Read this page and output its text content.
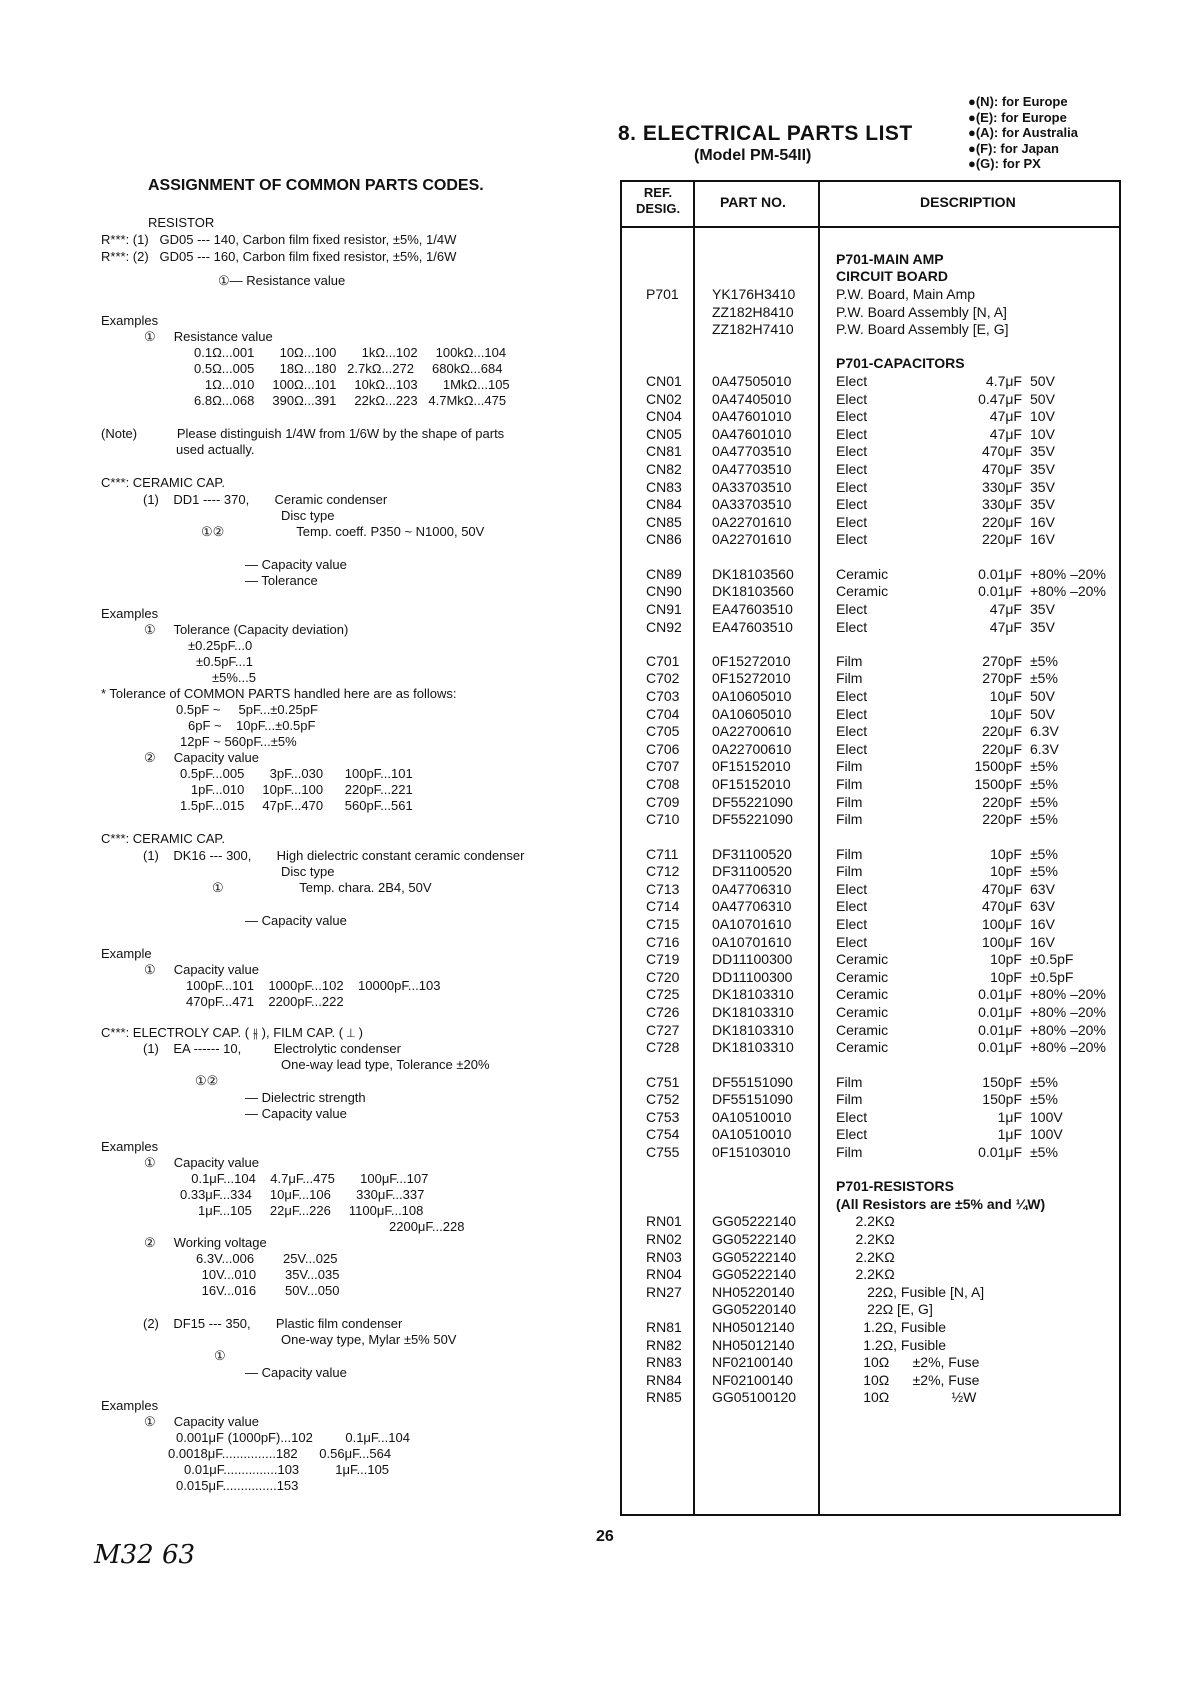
ASSIGNMENT OF COMMON PARTS CODES.
RESISTOR
R***: (1)   GD05 --- 140, Carbon film fixed resistor, ±5%, 1/4W
R***: (2)   GD05 --- 160, Carbon film fixed resistor, ±5%, 1/6W
①— Resistance value
Examples
①     Resistance value
0.1Ω...001       10Ω...100       1kΩ...102     100kΩ...104
0.5Ω...005       18Ω...180   2.7kΩ...272     680kΩ...684
1Ω...010     100Ω...101     10kΩ...103       1MkΩ...105
6.8Ω...068     390Ω...391     22kΩ...223   4.7MkΩ...475
(Note)           Please distinguish 1/4W from 1/6W by the shape of parts
used actually.
C***: CERAMIC CAP.
(1)    DD1 ---- 370,       Ceramic condenser
Disc type
①②                    Temp. coeff. P350 ~ N1000, 50V
— Capacity value
— Tolerance
Examples
①     Tolerance (Capacity deviation)
±0.25pF...0
±0.5pF...1
±5%...5
* Tolerance of COMMON PARTS handled here are as follows:
0.5pF ~     5pF...±0.25pF
6pF ~    10pF...±0.5pF
12pF ~ 560pF...±5%
②     Capacity value
0.5pF...005       3pF...030      100pF...101
1pF...010     10pF...100      220pF...221
1.5pF...015     47pF...470      560pF...561
C***: CERAMIC CAP.
(1)    DK16 --- 300,       High dielectric constant ceramic condenser
Disc type
①                     Temp. chara. 2B4, 50V
— Capacity value
Example
①     Capacity value
100pF...101    1000pF...102    10000pF...103
470pF...471    2200pF...222
C***: ELECTROLY CAP. ( ⫳ ), FILM CAP. ( ⊥ )
(1)    EA ------ 10,         Electrolytic condenser
One-way lead type, Tolerance ±20%
①②
— Dielectric strength
— Capacity value
Examples
①     Capacity value
0.1μF...104    4.7μF...475       100μF...107
0.33μF...334     10μF...106       330μF...337
1μF...105     22μF...226     1100μF...108
2200μF...228
②     Working voltage
6.3V...006        25V...025
10V...010        35V...035
16V...016        50V...050
(2)    DF15 --- 350,       Plastic film condenser
One-way type, Mylar ±5% 50V
①
— Capacity value
Examples
①     Capacity value
0.001μF (1000pF)...102         0.1μF...104
0.0018μF...............182      0.56μF...564
0.01μF...............103          1μF...105
0.015μF...............153
8. ELECTRICAL PARTS LIST
(Model PM-54II)
●(N): for Europe
●(E): for Europe
●(A): for Australia
●(F): for Japan
●(G): for PX
REF.
DESIG.	PART NO.	DESCRIPTION
P701-MAIN AMP
CIRCUIT BOARD
P701 YK176H3410	P.W. Board, Main Amp
ZZ182H8410	P.W. Board Assembly [N, A]
ZZ182H7410	P.W. Board Assembly [E, G]
P701-CAPACITORS
CN01 0A47505010	Elect	4.7μF 50V
CN02 0A47405010	Elect	0.47μF 50V
CN04 0A47601010	Elect	47μF 10V
CN05 0A47601010	Elect	47μF 10V
CN81 0A47703510	Elect	470μF 35V
CN82 0A47703510	Elect	470μF 35V
CN83 0A33703510	Elect	330μF 35V
CN84 0A33703510	Elect	330μF 35V
CN85 0A22701610	Elect	220μF 16V
CN86 0A22701610	Elect	220μF 16V
CN89 DK18103560	Ceramic	0.01μF +80% –20%
CN90 DK18103560	Ceramic	0.01μF +80% –20%
CN91 EA47603510	Elect	47μF 35V
CN92 EA47603510	Elect	47μF 35V
C701 0F15272010	Film	270pF ±5%
C702 0F15272010	Film	270pF ±5%
C703 0A10605010	Elect	10μF 50V
C704 0A10605010	Elect	10μF 50V
C705 0A22700610	Elect	220μF 6.3V
C706 0A22700610	Elect	220μF 6.3V
C707 0F15152010	Film	1500pF ±5%
C708 0F15152010	Film	1500pF ±5%
C709 DF55221090	Film	220pF ±5%
C710 DF55221090	Film	220pF ±5%
C711 DF31100520	Film	10pF ±5%
C712 DF31100520	Film	10pF ±5%
C713 0A47706310	Elect	470μF 63V
C714 0A47706310	Elect	470μF 63V
C715 0A10701610	Elect	100μF 16V
C716 0A10701610	Elect	100μF 16V
C719 DD11100300	Ceramic	10pF ±0.5pF
C720 DD11100300	Ceramic	10pF ±0.5pF
C725 DK18103310	Ceramic	0.01μF +80% –20%
C726 DK18103310	Ceramic	0.01μF +80% –20%
C727 DK18103310	Ceramic	0.01μF +80% –20%
C728 DK18103310	Ceramic	0.01μF +80% –20%
C751 DF55151090	Film	150pF ±5%
C752 DF55151090	Film	150pF ±5%
C753 0A10510010	Elect	1μF 100V
C754 0A10510010	Elect	1μF 100V
C755 0F15103010	Film	0.01μF ±5%
P701-RESISTORS
(All Resistors are ±5% and ¼W)
RN01 GG05222140	2.2KΩ
RN02 GG05222140	2.2KΩ
RN03 GG05222140	2.2KΩ
RN04 GG05222140	2.2KΩ
RN27 NH05220140	22Ω, Fusible [N, A]
GG05220140	22Ω [E, G]
RN81 NH05012140	1.2Ω, Fusible
RN82 NH05012140	1.2Ω, Fusible
RN83 NF02100140	10Ω      ±2%, Fuse
RN84 NF02100140	10Ω      ±2%, Fuse
RN85 GG05100120	10Ω                ½W
26
M32 63
